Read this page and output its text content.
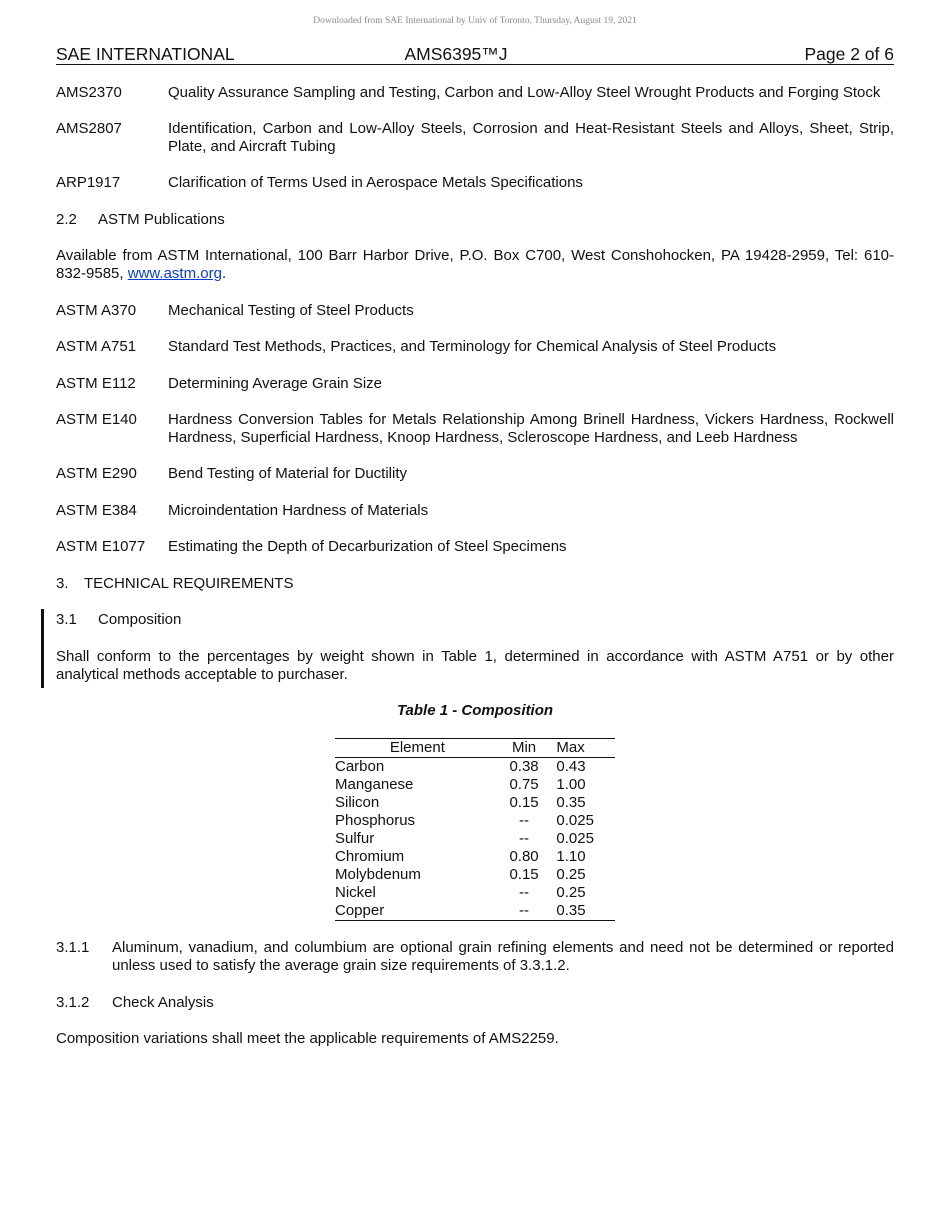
Downloaded from SAE International by Univ of Toronto, Thursday, August 19, 2021
SAE INTERNATIONAL	AMS6395™J	Page 2 of 6
AMS2370	Quality Assurance Sampling and Testing, Carbon and Low-Alloy Steel Wrought Products and Forging Stock
AMS2807	Identification, Carbon and Low-Alloy Steels, Corrosion and Heat-Resistant Steels and Alloys, Sheet, Strip, Plate, and Aircraft Tubing
ARP1917	Clarification of Terms Used in Aerospace Metals Specifications
2.2 ASTM Publications
Available from ASTM International, 100 Barr Harbor Drive, P.O. Box C700, West Conshohocken, PA 19428-2959, Tel: 610-832-9585, www.astm.org.
ASTM A370 Mechanical Testing of Steel Products
ASTM A751 Standard Test Methods, Practices, and Terminology for Chemical Analysis of Steel Products
ASTM E112 Determining Average Grain Size
ASTM E140 Hardness Conversion Tables for Metals Relationship Among Brinell Hardness, Vickers Hardness, Rockwell Hardness, Superficial Hardness, Knoop Hardness, Scleroscope Hardness, and Leeb Hardness
ASTM E290 Bend Testing of Material for Ductility
ASTM E384 Microindentation Hardness of Materials
ASTM E1077 Estimating the Depth of Decarburization of Steel Specimens
3. TECHNICAL REQUIREMENTS
3.1 Composition
Shall conform to the percentages by weight shown in Table 1, determined in accordance with ASTM A751 or by other analytical methods acceptable to purchaser.
Table 1 - Composition
Element	Min	Max
Carbon	0.38	0.43
Manganese	0.75	1.00
Silicon	0.15	0.35
Phosphorus	--	0.025
Sulfur	--	0.025
Chromium	0.80	1.10
Molybdenum	0.15	0.25
Nickel	--	0.25
Copper	--	0.35
3.1.1 Aluminum, vanadium, and columbium are optional grain refining elements and need not be determined or reported unless used to satisfy the average grain size requirements of 3.3.1.2.
3.1.2 Check Analysis
Composition variations shall meet the applicable requirements of AMS2259.
